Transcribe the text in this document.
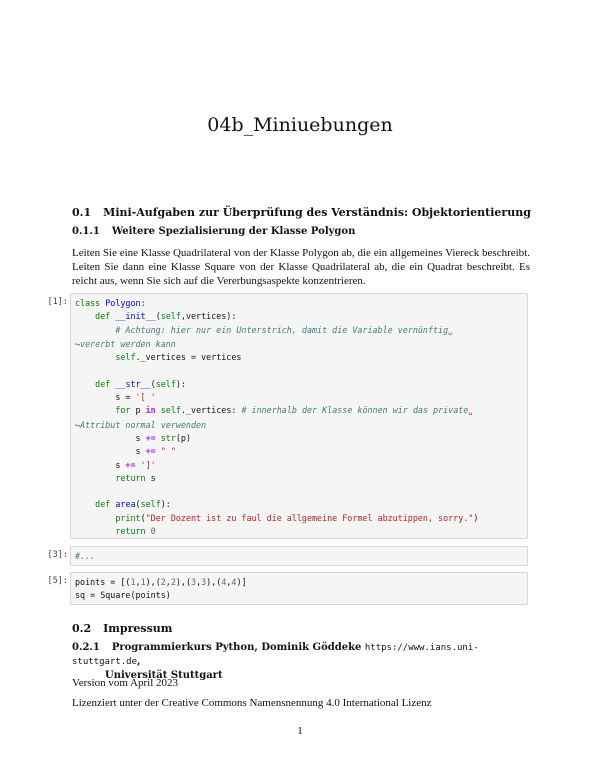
04b_Miniuebungen
0.1 Mini-Aufgaben zur Überprüfung des Verständnis: Objektorientierung
0.1.1 Weitere Spezialisierung der Klasse Polygon
Leiten Sie eine Klasse Quadrilateral von der Klasse Polygon ab, die ein allgemeines Viereck beschreibt. Leiten Sie dann eine Klasse Square von der Klasse Quadrilateral ab, die ein Quadrat beschreibt. Es reicht aus, wenn Sie sich auf die Vererbungsaspekte konzentrieren.
[1]: class Polygon:
def __init__(self,vertices):
# Achtung: hier nur ein Unterstrich, damit die Variable vernünftig␣
↪vererbt werden kann
self._vertices = vertices

def __str__(self):
s = '[ '
for p in self._vertices: # innerhalb der Klasse können wir das private␣
↪Attribut normal verwenden
s += str(p)
s += " "
s += ']'
return s

def area(self):
print("Der Dozent ist zu faul die allgemeine Formel abzutippen, sorry.")
return 0
[3]: #...
[5]: points = [(1,1),(2,2),(3,3),(4,4)]
sq = Square(points)
0.2 Impressum
0.2.1 Programmierkurs Python, Dominik Göddeke https://www.ians.uni-stuttgart.de,
Universität Stuttgart
Version vom April 2023
Lizenziert unter der Creative Commons Namensnennung 4.0 International Lizenz
1
